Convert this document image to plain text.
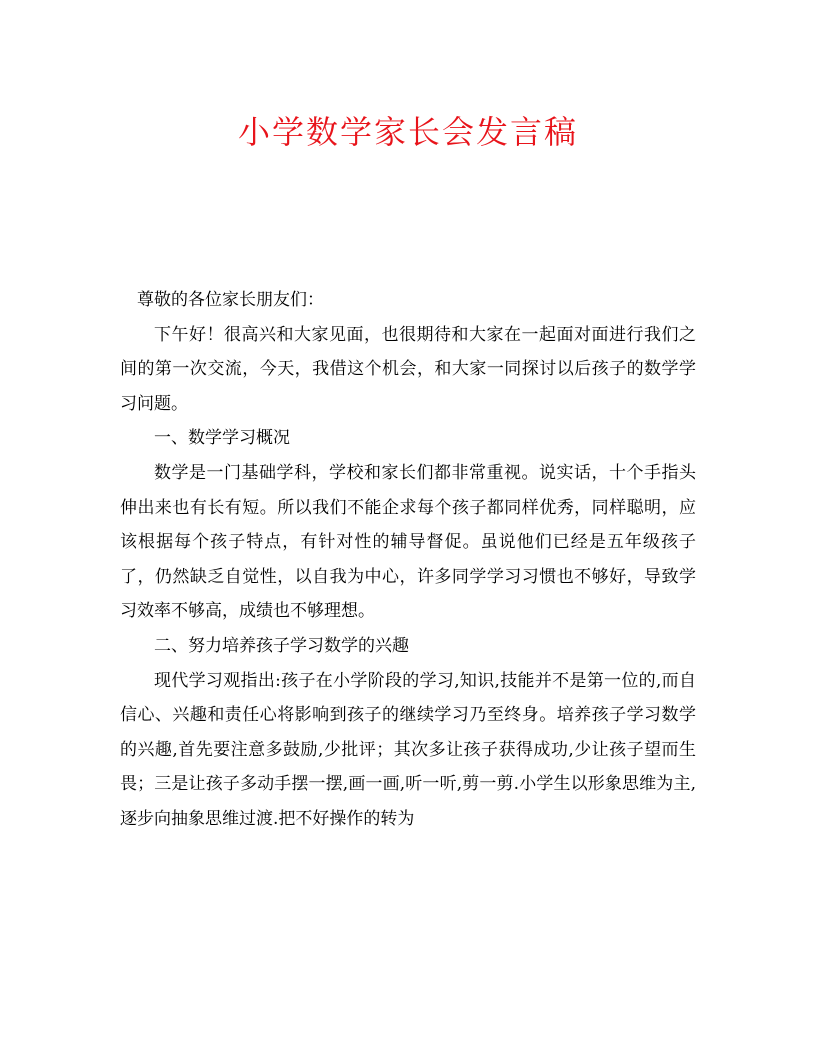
小学数学家长会发言稿

尊敬的各位家长朋友们：

下午好！很高兴和大家见面，也很期待和大家在一起面对面进行我们之间的第一次交流，今天，我借这个机会，和大家一同探讨以后孩子的数学学习问题。

一、数学学习概况

数学是一门基础学科，学校和家长们都非常重视。说实话，十个手指头伸出来也有长有短。所以我们不能企求每个孩子都同样优秀，同样聪明，应该根据每个孩子特点，有针对性的辅导督促。虽说他们已经是五年级孩子了，仍然缺乏自觉性，以自我为中心，许多同学学习习惯也不够好，导致学习效率不够高，成绩也不够理想。

二、努力培养孩子学习数学的兴趣

现代学习观指出:孩子在小学阶段的学习,知识,技能并不是第一位的,而自信心、兴趣和责任心将影响到孩子的继续学习乃至终身。培养孩子学习数学的兴趣,首先要注意多鼓励,少批评；其次多让孩子获得成功,少让孩子望而生畏；三是让孩子多动手摆一摆,画一画,听一听,剪一剪.小学生以形象思维为主,逐步向抽象思维过渡.把不好操作的转为
